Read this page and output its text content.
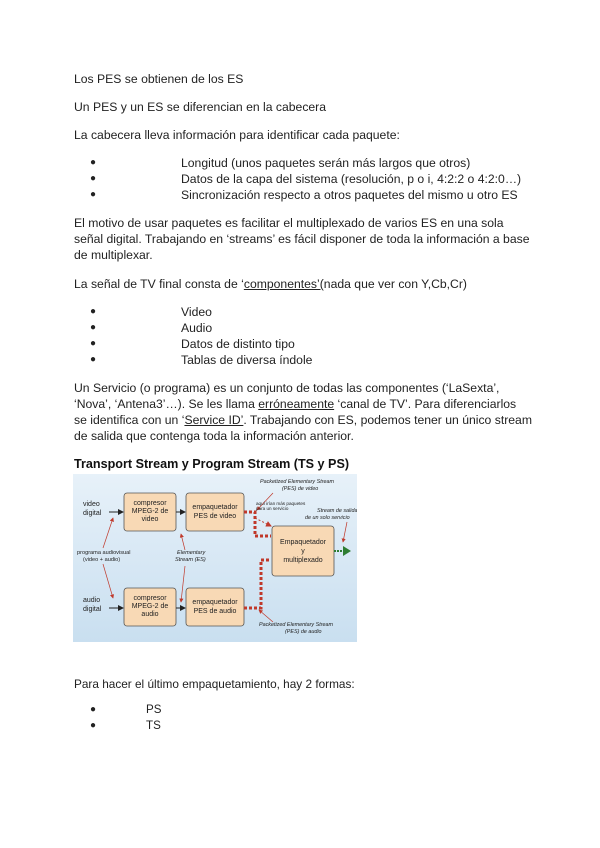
Los PES se obtienen de los ES

Un PES y un ES se diferencian en la cabecera

La cabecera lleva información para identificar cada paquete:

●	Longitud (unos paquetes serán más largos que otros)
●	Datos de la capa del sistema (resolución, p o i, 4:2:2 o 4:2:0…)
●	Sincronización respecto a otros paquetes del mismo u otro ES

El motivo de usar paquetes es facilitar el multiplexado de varios ES en una sola
señal digital. Trabajando en ‘streams’ es fácil disponer de toda la información a base
de multiplexar.

La señal de TV final consta de ‘componentes’(nada que ver con Y,Cb,Cr)

●	Video
●	Audio
●	Datos de distinto tipo
●	Tablas de diversa índole

Un Servicio (o programa) es un conjunto de todas las componentes (‘LaSexta’,
‘Nova’, ‘Antena3’…). Se les llama erróneamente ‘canal de TV’. Para diferenciarlos
se identifica con un ‘Service ID’. Trabajando con ES, podemos tener un único stream
de salida que contenga toda la información anterior.

Transport Stream y Program Stream (TS y PS)
video digital
audio digital
compresor MPEG-2 de video
compresor MPEG-2 de audio
empaquetador PES de video
empaquetador PES de audio
Empaquetador y multiplexado
programa audiovisual (video + audio)
Elementary Stream (ES)
Packetized Elementary Stream (PES) de video
aquí irían más paquetes para un servicio	Stream de salida de un solo servicio
Packetized Elementary Stream (PES) de audio
Para hacer el último empaquetamiento, hay 2 formas:
●	PS
●	TS
